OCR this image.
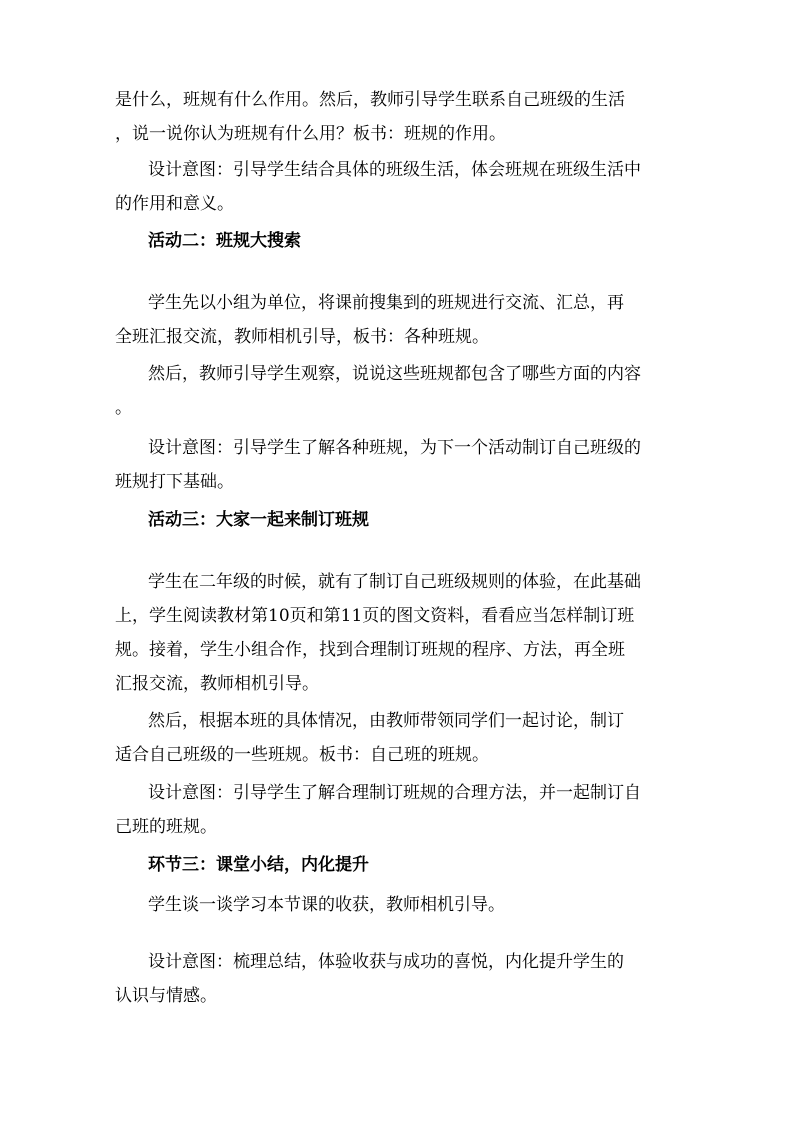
是什么，班规有什么作用。然后，教师引导学生联系自己班级的生活
，说一说你认为班规有什么用？板书：班规的作用。
设计意图：引导学生结合具体的班级生活，体会班规在班级生活中
的作用和意义。
活动二：班规大搜索
学生先以小组为单位，将课前搜集到的班规进行交流、汇总，再
全班汇报交流，教师相机引导，板书：各种班规。
然后，教师引导学生观察，说说这些班规都包含了哪些方面的内容
。
设计意图：引导学生了解各种班规，为下一个活动制订自己班级的
班规打下基础。
活动三：大家一起来制订班规
学生在二年级的时候，就有了制订自己班级规则的体验，在此基础
上，学生阅读教材第10页和第11页的图文资料，看看应当怎样制订班
规。接着，学生小组合作，找到合理制订班规的程序、方法，再全班
汇报交流，教师相机引导。
然后，根据本班的具体情况，由教师带领同学们一起讨论，制订
适合自己班级的一些班规。板书：自己班的班规。
设计意图：引导学生了解合理制订班规的合理方法，并一起制订自
己班的班规。
环节三：课堂小结，内化提升
学生谈一谈学习本节课的收获，教师相机引导。
设计意图：梳理总结，体验收获与成功的喜悦，内化提升学生的
认识与情感。
